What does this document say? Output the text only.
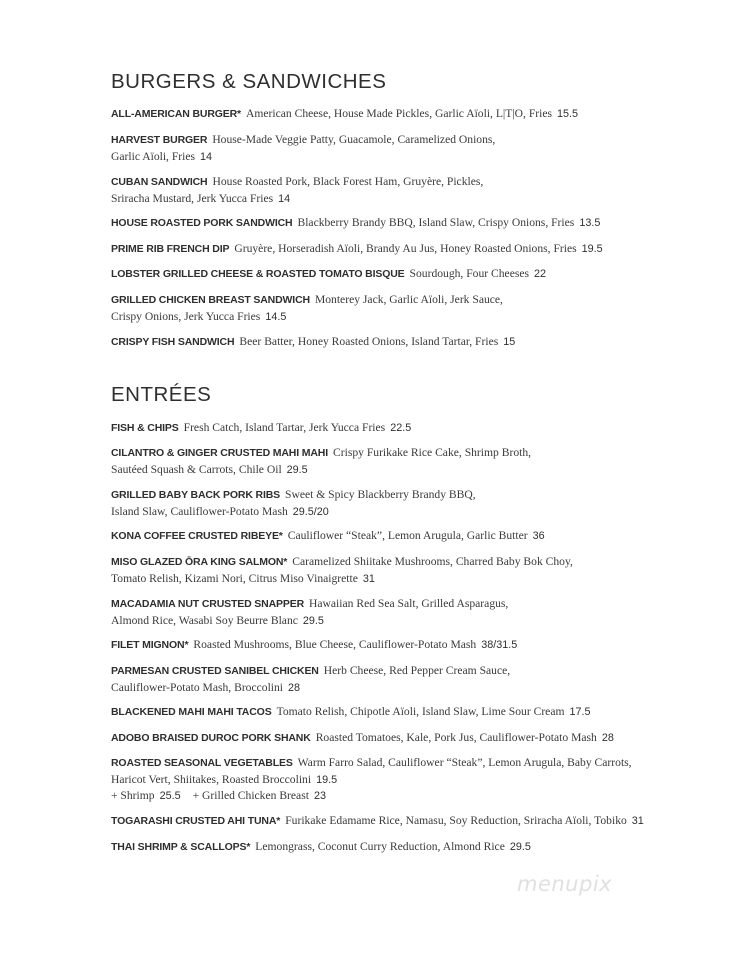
BURGERS & SANDWICHES
ALL-AMERICAN BURGER* American Cheese, House Made Pickles, Garlic Aïoli, L|T|O, Fries 15.5
HARVEST BURGER House-Made Veggie Patty, Guacamole, Caramelized Onions,
Garlic Aïoli, Fries 14
CUBAN SANDWICH House Roasted Pork, Black Forest Ham, Gruyère, Pickles,
Sriracha Mustard, Jerk Yucca Fries 14
HOUSE ROASTED PORK SANDWICH Blackberry Brandy BBQ, Island Slaw, Crispy Onions, Fries 13.5
PRIME RIB FRENCH DIP Gruyère, Horseradish Aïoli, Brandy Au Jus, Honey Roasted Onions, Fries 19.5
LOBSTER GRILLED CHEESE & ROASTED TOMATO BISQUE Sourdough, Four Cheeses 22
GRILLED CHICKEN BREAST SANDWICH Monterey Jack, Garlic Aïoli, Jerk Sauce,
Crispy Onions, Jerk Yucca Fries 14.5
CRISPY FISH SANDWICH Beer Batter, Honey Roasted Onions, Island Tartar, Fries 15
ENTRÉES
FISH & CHIPS Fresh Catch, Island Tartar, Jerk Yucca Fries 22.5
CILANTRO & GINGER CRUSTED MAHI MAHI Crispy Furikake Rice Cake, Shrimp Broth,
Sautéed Squash & Carrots, Chile Oil 29.5
GRILLED BABY BACK PORK RIBS Sweet & Spicy Blackberry Brandy BBQ,
Island Slaw, Cauliflower-Potato Mash 29.5/20
KONA COFFEE CRUSTED RIBEYE* Cauliflower “Steak”, Lemon Arugula, Garlic Butter 36
MISO GLAZED ŌRA KING SALMON* Caramelized Shiitake Mushrooms, Charred Baby Bok Choy,
Tomato Relish, Kizami Nori, Citrus Miso Vinaigrette 31
MACADAMIA NUT CRUSTED SNAPPER Hawaiian Red Sea Salt, Grilled Asparagus,
Almond Rice, Wasabi Soy Beurre Blanc 29.5
FILET MIGNON* Roasted Mushrooms, Blue Cheese, Cauliflower-Potato Mash 38/31.5
PARMESAN CRUSTED SANIBEL CHICKEN Herb Cheese, Red Pepper Cream Sauce,
Cauliflower-Potato Mash, Broccolini 28
BLACKENED MAHI MAHI TACOS Tomato Relish, Chipotle Aïoli, Island Slaw, Lime Sour Cream 17.5
ADOBO BRAISED DUROC PORK SHANK Roasted Tomatoes, Kale, Pork Jus, Cauliflower-Potato Mash 28
ROASTED SEASONAL VEGETABLES Warm Farro Salad, Cauliflower “Steak”, Lemon Arugula, Baby Carrots,
Haricot Vert, Shiitakes, Roasted Broccolini 19.5
+ Shrimp 25.5 + Grilled Chicken Breast 23
TOGARASHI CRUSTED AHI TUNA* Furikake Edamame Rice, Namasu, Soy Reduction, Sriracha Aïoli, Tobiko 31
THAI SHRIMP & SCALLOPS* Lemongrass, Coconut Curry Reduction, Almond Rice 29.5
menupix
